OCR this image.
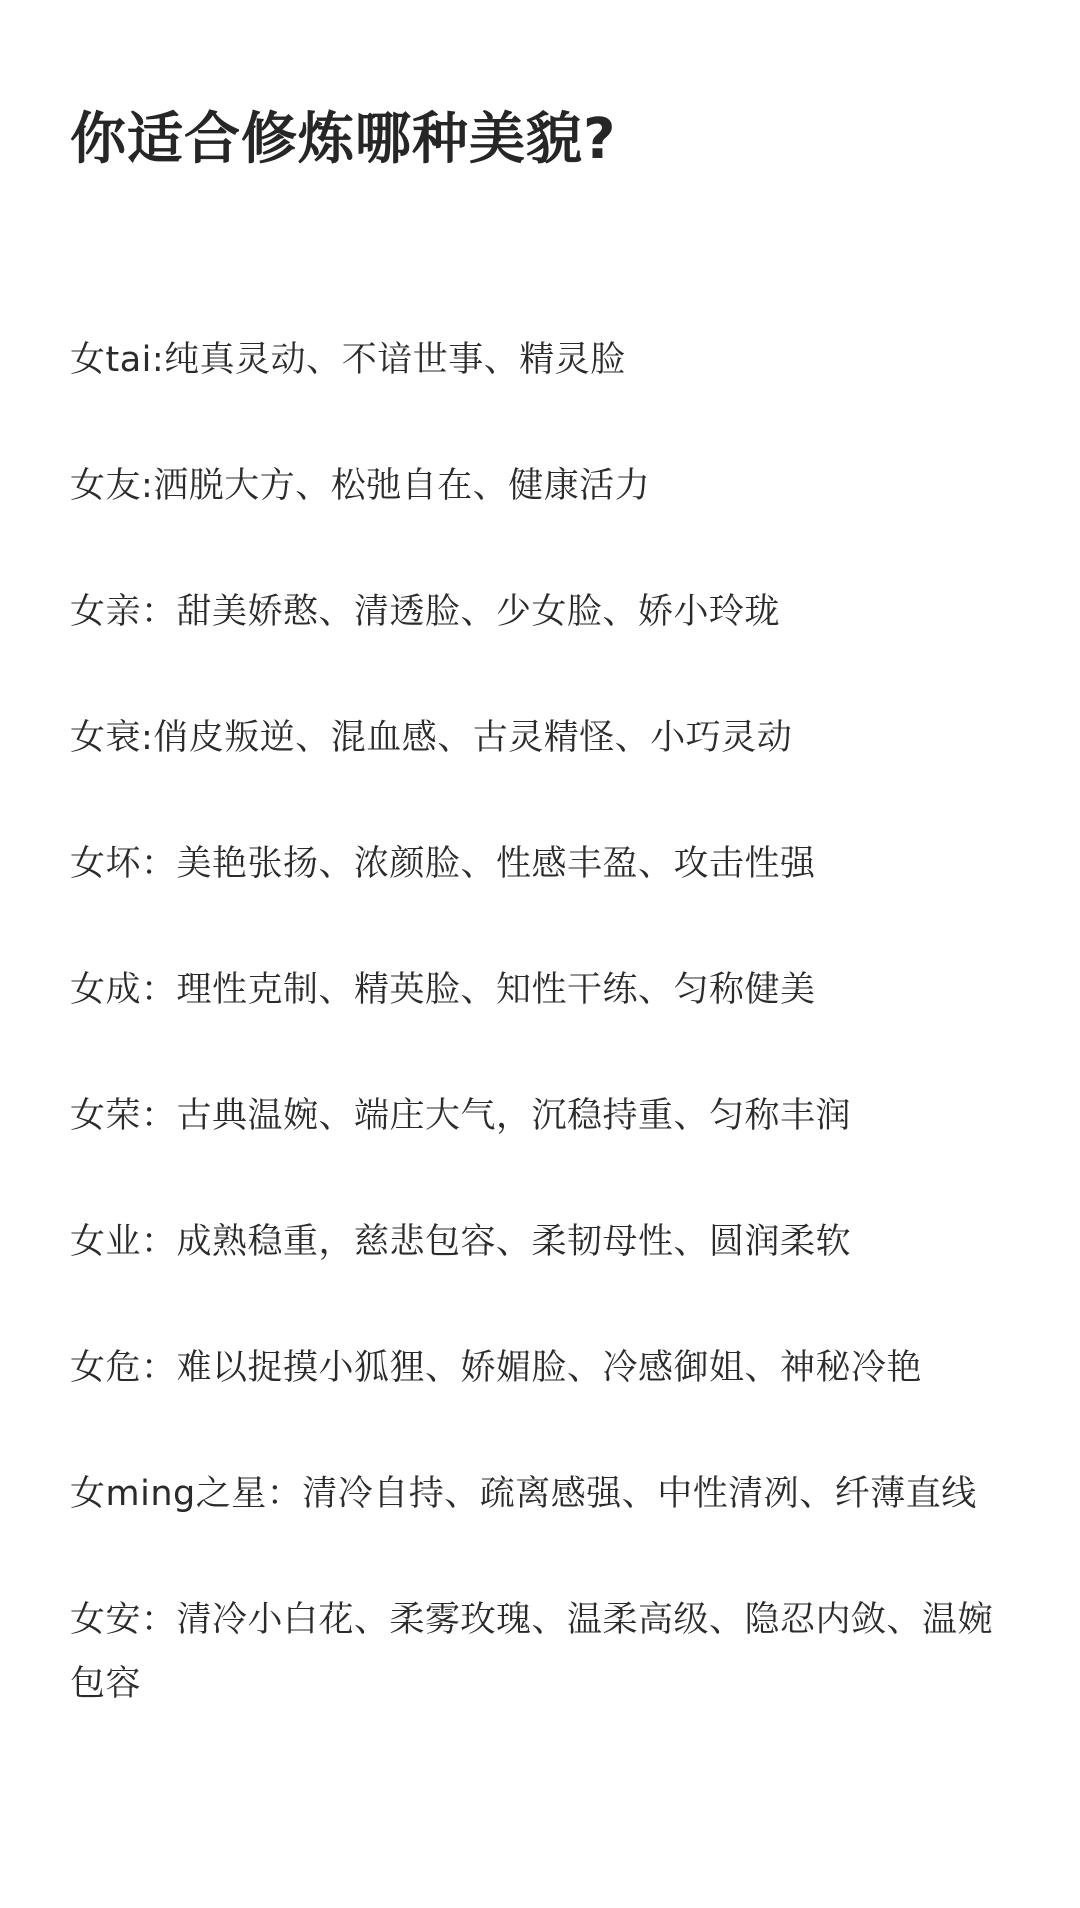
你适合修炼哪种美貌?
女tai:纯真灵动、不谙世事、精灵脸
女友:洒脱大方、松弛自在、健康活力
女亲：甜美娇憨、清透脸、少女脸、娇小玲珑
女衰:俏皮叛逆、混血感、古灵精怪、小巧灵动
女坏：美艳张扬、浓颜脸、性感丰盈、攻击性强
女成：理性克制、精英脸、知性干练、匀称健美
女荣：古典温婉、端庄大气，沉稳持重、匀称丰润
女业：成熟稳重，慈悲包容、柔韧母性、圆润柔软
女危：难以捉摸小狐狸、娇媚脸、冷感御姐、神秘冷艳
女ming之星：清冷自持、疏离感强、中性清冽、纤薄直线
女安：清冷小白花、柔雾玫瑰、温柔高级、隐忍内敛、温婉包容
